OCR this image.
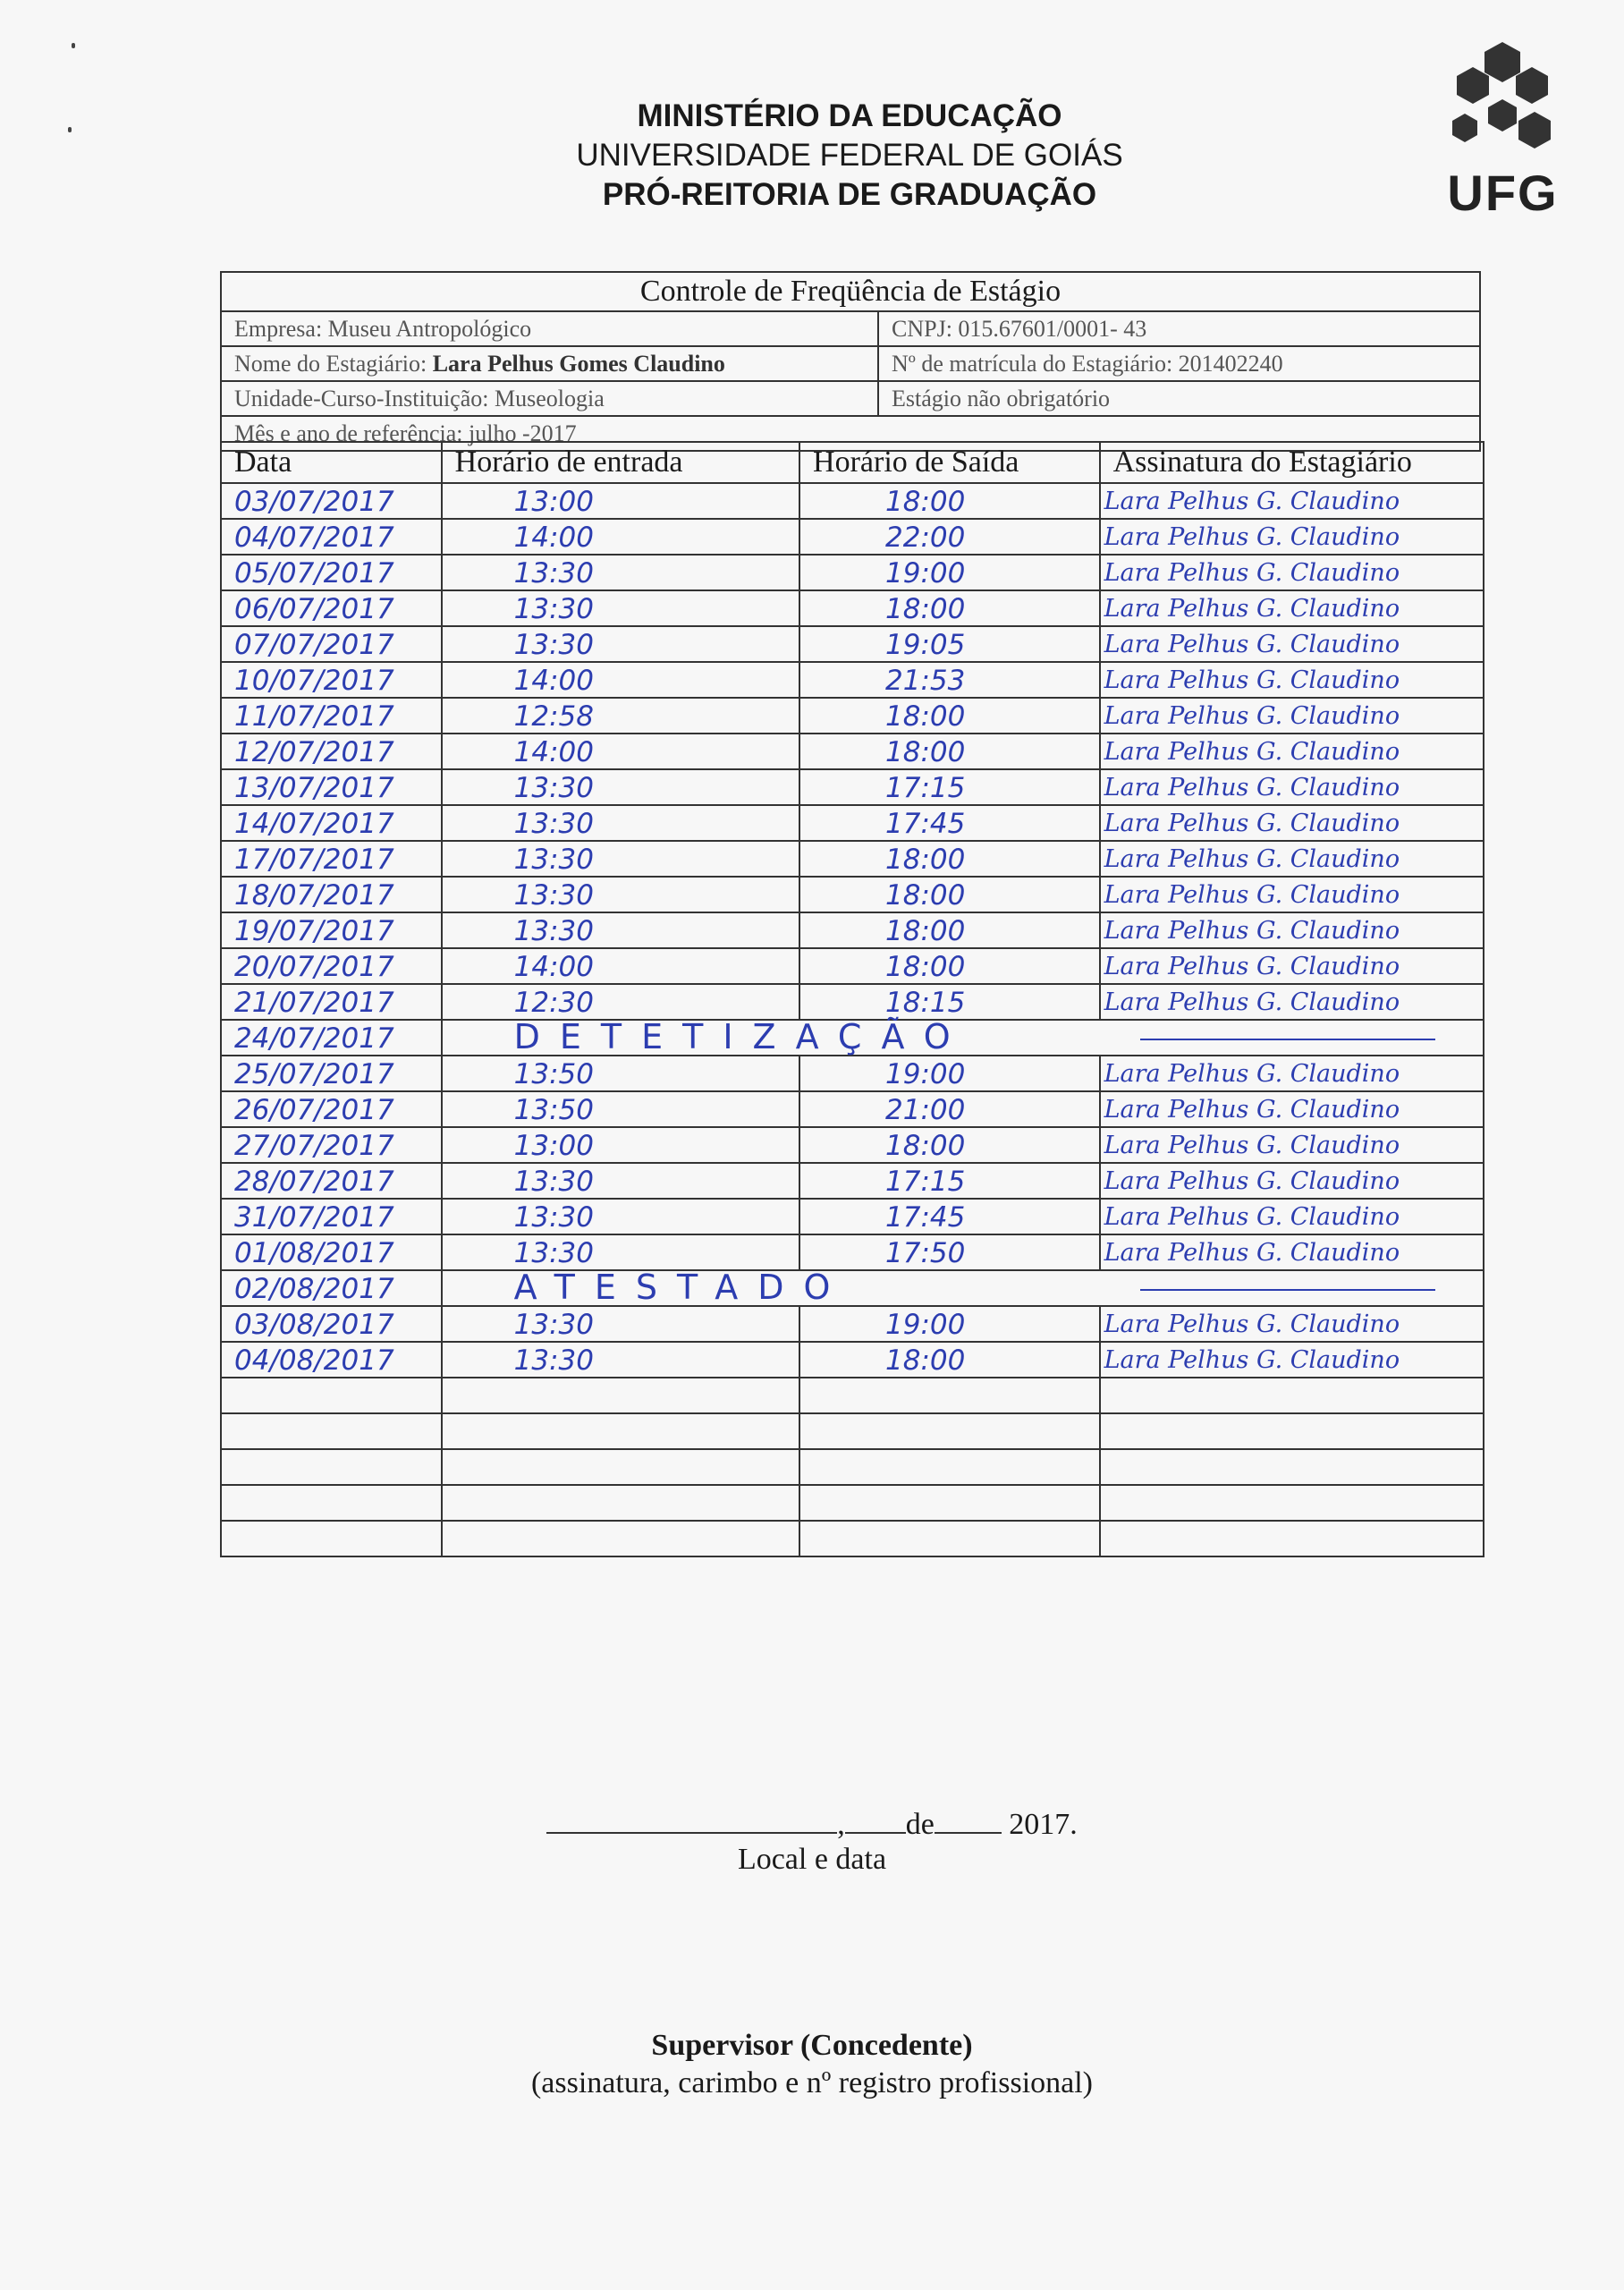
MINISTÉRIO DA EDUCAÇÃO
UNIVERSIDADE FEDERAL DE GOIÁS
PRÓ-REITORIA DE GRADUAÇÃO	UFG
Controle de Freqüência de Estágio
Empresa: Museu Antropológico	CNPJ: 015.67601/0001- 43
Nome do Estagiário: Lara Pelhus Gomes Claudino	Nº de matrícula do Estagiário: 201402240
Unidade-Curso-Instituição: Museologia	Estágio não obrigatório
Mês e ano de referência: julho -2017
Data	Horário de entrada	Horário de Saída	Assinatura do Estagiário

03/07/2017	13:00	18:00	Lara Pelhus G. Claudino

04/07/2017	14:00	22:00	Lara Pelhus G. Claudino

05/07/2017	13:30	19:00	Lara Pelhus G. Claudino

06/07/2017	13:30	18:00	Lara Pelhus G. Claudino

07/07/2017	13:30	19:05	Lara Pelhus G. Claudino

10/07/2017	14:00	21:53	Lara Pelhus G. Claudino

11/07/2017	12:58	18:00	Lara Pelhus G. Claudino

12/07/2017	14:00	18:00	Lara Pelhus G. Claudino

13/07/2017	13:30	17:15	Lara Pelhus G. Claudino

14/07/2017	13:30	17:45	Lara Pelhus G. Claudino

17/07/2017	13:30	18:00	Lara Pelhus G. Claudino

18/07/2017	13:30	18:00	Lara Pelhus G. Claudino

19/07/2017	13:30	18:00	Lara Pelhus G. Claudino

20/07/2017	14:00	18:00	Lara Pelhus G. Claudino

21/07/2017	12:30	18:15	Lara Pelhus G. Claudino

24/07/2017	DETETIZAÇÃO		

25/07/2017	13:50	19:00	Lara Pelhus G. Claudino

26/07/2017	13:50	21:00	Lara Pelhus G. Claudino

27/07/2017	13:00	18:00	Lara Pelhus G. Claudino

28/07/2017	13:30	17:15	Lara Pelhus G. Claudino

31/07/2017	13:30	17:45	Lara Pelhus G. Claudino

01/08/2017	13:30	17:50	Lara Pelhus G. Claudino

02/08/2017	ATESTADO		

03/08/2017	13:30	19:00	Lara Pelhus G. Claudino

04/08/2017	13:30	18:00	Lara Pelhus G. Claudino

, de 2017.
Local e data
Supervisor (Concedente)
(assinatura, carimbo e nº registro profissional)
